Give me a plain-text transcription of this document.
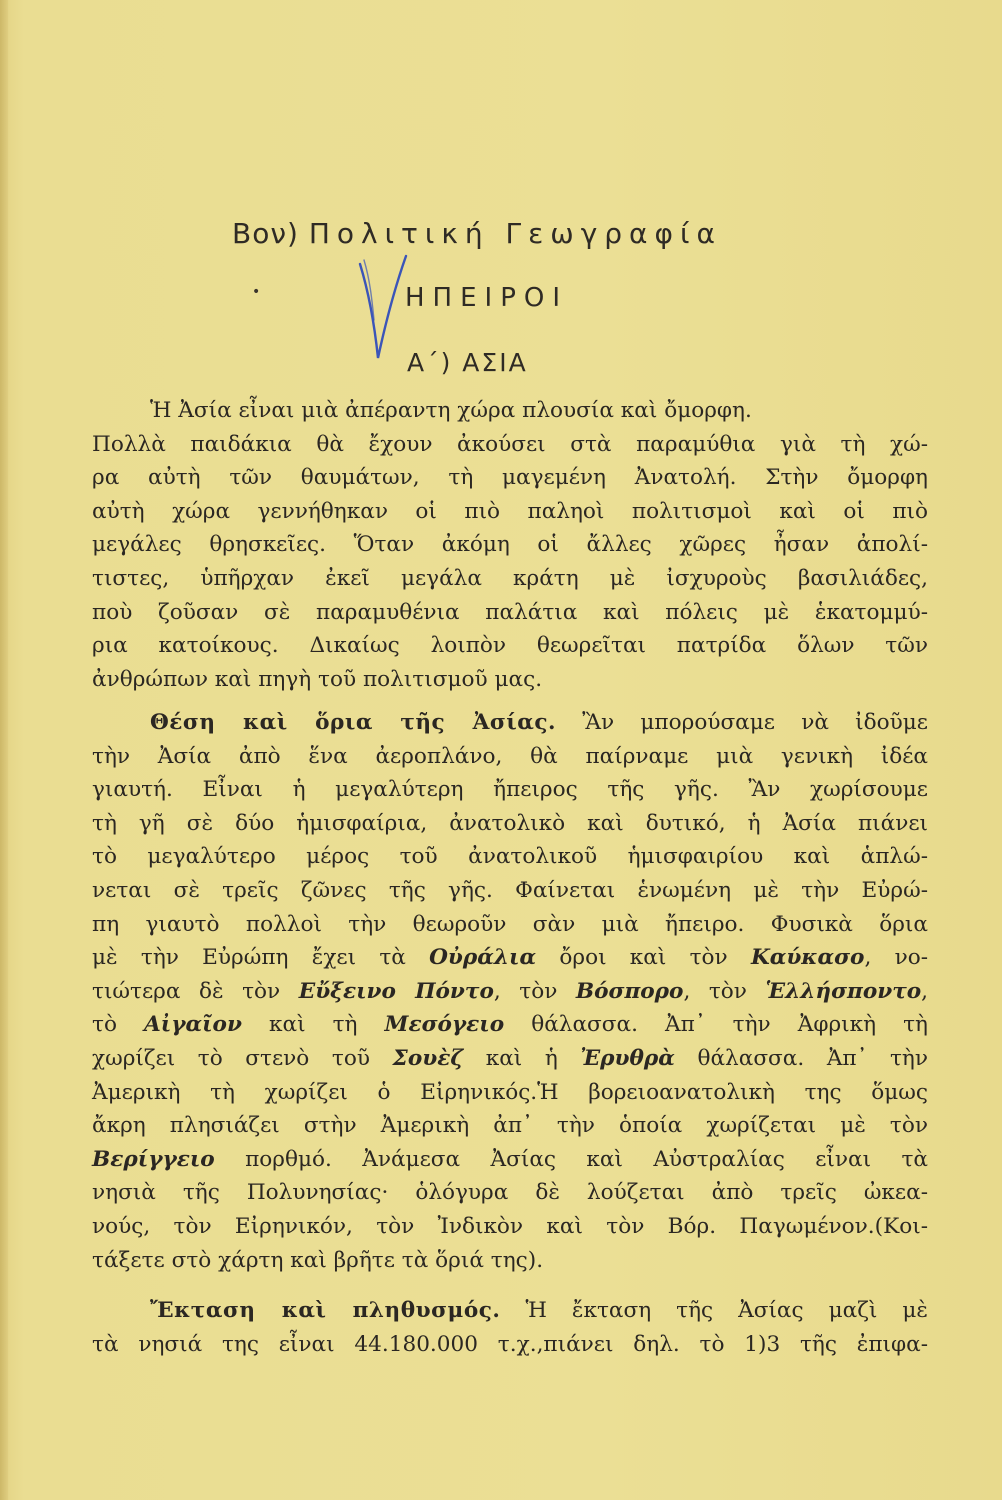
Βον) Πολιτική Γεωγραφία
•	ΗΠΕΙΡΟΙ
Α΄) ΑΣΙΑ
Ἡ Ἀσία εἶναι μιὰ ἀπέραντη χώρα πλουσία καὶ ὄμορφη.
Πολλὰ παιδάκια θὰ ἔχουν ἀκούσει στὰ παραμύθια γιὰ τὴ χώ-
ρα αὐτὴ τῶν θαυμάτων, τὴ μαγεμένη Ἀνατολή. Στὴν ὄμορφη
αὐτὴ χώρα γεννήθηκαν οἱ πιὸ παληοὶ πολιτισμοὶ καὶ οἱ πιὸ
μεγάλες θρησκεῖες. Ὅταν ἀκόμη οἱ ἄλλες χῶρες ἦσαν ἀπολί-
τιστες, ὑπῆρχαν ἐκεῖ μεγάλα κράτη μὲ ἰσχυροὺς βασιλιάδες,
ποὺ ζοῦσαν σὲ παραμυθένια παλάτια καὶ πόλεις μὲ ἑκατομμύ-
ρια κατοίκους. Δικαίως λοιπὸν θεωρεῖται πατρίδα ὅλων τῶν
ἀνθρώπων καὶ πηγὴ τοῦ πολιτισμοῦ μας.
Θέση καὶ ὅρια τῆς Ἀσίας. Ἂν μπορούσαμε νὰ ἰδοῦμε
τὴν Ἀσία ἀπὸ ἕνα ἀεροπλάνο, θὰ παίρναμε μιὰ γενικὴ ἰδέα
γιαυτή. Εἶναι ἡ μεγαλύτερη ἤπειρος τῆς γῆς. Ἂν χωρίσουμε
τὴ γῆ σὲ δύο ἡμισφαίρια, ἀνατολικὸ καὶ δυτικό, ἡ Ἀσία πιάνει
τὸ μεγαλύτερο μέρος τοῦ ἀνατολικοῦ ἡμισφαιρίου καὶ ἁπλώ-
νεται σὲ τρεῖς ζῶνες τῆς γῆς. Φαίνεται ἑνωμένη μὲ τὴν Εὐρώ-
πη γιαυτὸ πολλοὶ τὴν θεωροῦν σὰν μιὰ ἤπειρο. Φυσικὰ ὅρια
μὲ τὴν Εὐρώπη ἔχει τὰ Οὐράλια ὄροι καὶ τὸν Καύκασο, νο-
τιώτερα δὲ τὸν Εὔξεινο Πόντο, τὸν Βόσπορο, τὸν Ἑλλήσποντο,
τὸ Αἰγαῖον καὶ τὴ Μεσόγειο θάλασσα. Ἀπ᾿ τὴν Ἀφρικὴ τὴ
χωρίζει τὸ στενὸ τοῦ Σουὲζ καὶ ἡ Ἐρυθρὰ θάλασσα. Ἀπ᾿ τὴν
Ἀμερικὴ τὴ χωρίζει ὁ Εἰρηνικός.Ἡ βορειοανατολικὴ της ὅμως
ἄκρη πλησιάζει στὴν Ἀμερικὴ ἀπ᾿ τὴν ὁποία χωρίζεται μὲ τὸν
Βερίγγειο πορθμό. Ἀνάμεσα Ἀσίας καὶ Αὐστραλίας εἶναι τὰ
νησιὰ τῆς Πολυνησίας· ὁλόγυρα δὲ λούζεται ἀπὸ τρεῖς ὠκεα-
νούς, τὸν Εἰρηνικόν, τὸν Ἰνδικὸν καὶ τὸν Βόρ. Παγωμένον.(Κοι-
τάξετε στὸ χάρτη καὶ βρῆτε τὰ ὅριά της).
Ἔκταση καὶ πληθυσμός. Ἡ ἔκταση τῆς Ἀσίας μαζὶ μὲ
τὰ νησιά της εἶναι 44.180.000 τ.χ.,πιάνει δηλ. τὸ 1)3 τῆς ἐπιφα-
